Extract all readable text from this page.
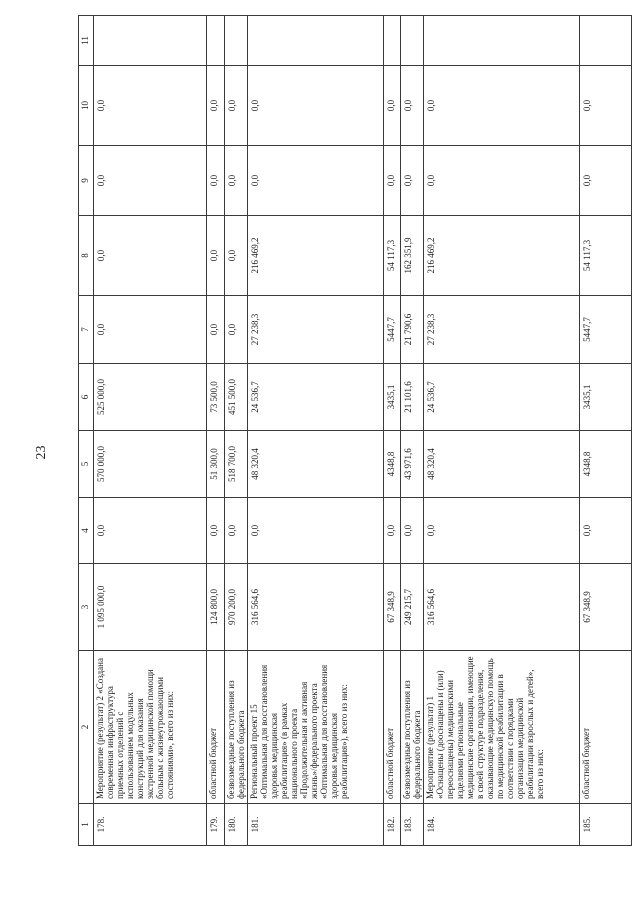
23
1	2	3	4	5	6	7	8	9	10	11
178.	Мероприятие (результат) 2 «Создана современная инфраструктура приемных отделений с использованием модульных конструкций для оказания экстренной медицинской помощи больным с жизнеугрожающими состояниями», всего из них:	1 095 000,0	0,0	570 000,0	525 000,0	0,0	0,0	0,0	0,0	
179.	областной бюджет	124 800,0	0,0	51 300,0	73 500,0	0,0	0,0	0,0	0,0	
180.	безвозмездные поступления из федерального бюджета	970 200,0	0,0	518 700,0	451 500,0	0,0	0,0	0,0	0,0	
181.	Региональный проект 15 «Оптимальная для восстановления здоровья медицинская реабилитация» (в рамках национального проекта «Продолжительная и активная жизнь»/федерального проекта «Оптимальная для восстановления здоровья медицинская реабилитация»), всего из них:	316 564,6	0,0	48 320,4	24 536,7	27 238,3	216 469,2	0,0	0,0	
182.	областной бюджет	67 348,9	0,0	4348,8	3435,1	5447,7	54 117,3	0,0	0,0	
183.	безвозмездные поступления из федерального бюджета	249 215,7	0,0	43 971,6	21 101,6	21 790,6	162 351,9	0,0	0,0	
184.	Мероприятие (результат) 1 «Оснащены (дооснащены и (или) переоснащены) медицинскими изделиями региональные медицинские организации, имеющие в своей структуре подразделения, оказывающие медицинскую помощь по медицинской реабилитации в соответствии с порядками организации медицинской реабилитации взрослых и детей», всего из них:	316 564,6	0,0	48 320,4	24 536,7	27 238,3	216 469,2	0,0	0,0	
185.	областной бюджет	67 348,9	0,0	4348,8	3435,1	5447,7	54 117,3	0,0	0,0	
